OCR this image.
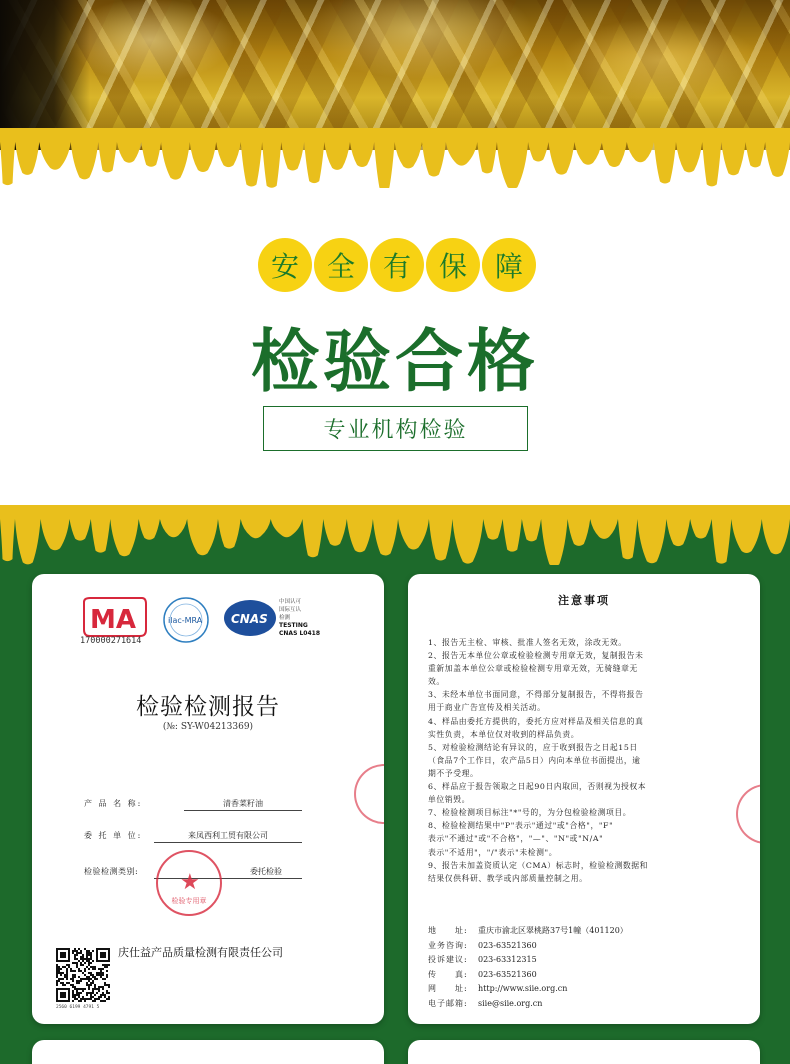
安 全 有 保 障
检验合格
专业机构检验
MA	ilac-MRA CNAS
170000271614
中国认可
国际互认
检测
TESTING
CNAS L0418
检验检测报告
(№: SY-W04213369)
产 品 名 称:	清香菜籽油
委 托 单 位:	来凤西利工贸有限公司
检验检测类别:	委托检验
★
检验专用章
2560 6199 4791 5
庆仕益产品质量检测有限责任公司
注意事项
1、报告无主检、审核、批准人签名无效，涂改无效。
2、报告无本单位公章或检验检测专用章无效，复制报告未
重新加盖本单位公章或检验检测专用章无效，无骑缝章无
效。
3、未经本单位书面同意，不得部分复制报告，不得将报告
用于商业广告宣传及相关活动。
4、样品由委托方提供的，委托方应对样品及相关信息的真
实性负责，本单位仅对收到的样品负责。
5、对检验检测结论有异议的，应于收到报告之日起15日
（食品7个工作日，农产品5日）内向本单位书面提出，逾
期不予受理。
6、样品应于报告领取之日起90日内取回，否则视为授权本
单位销毁。
7、检验检测项目标注"*"号的，为分包检验检测项目。
8、检验检测结果中"P"表示"通过"或"合格"，"F"
表示"不通过"或"不合格"，"—"、"N"或"N/A"
表示"不适用"，"/"表示"未检测"。
9、报告未加盖资质认定（CMA）标志时，检验检测数据和
结果仅供科研、教学或内部质量控制之用。
地　　址:	重庆市渝北区翠桃路37号1幢（401120）
业务咨询:	023-63521360
投诉建议:	023-63312315
传　　真:	023-63521360
网　　址:	http://www.siie.org.cn
电子邮箱:	siie@siie.org.cn
